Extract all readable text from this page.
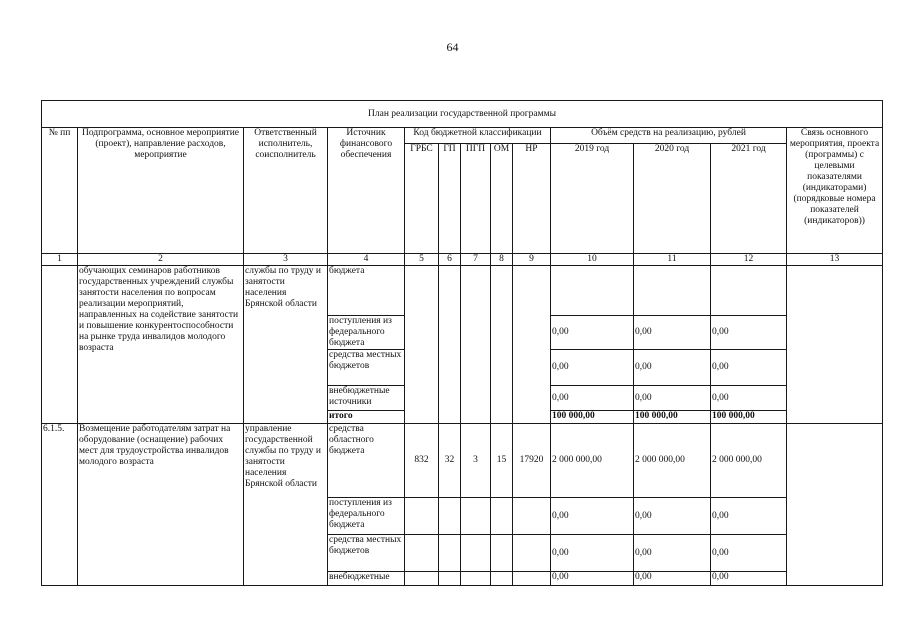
64
План реализации государственной программы												
№ пп	Подпрограмма, основное мероприятие (проект), направление расходов, мероприятие	Ответственный исполнитель, соисполнитель	Источник финансового обеспечения	Код бюджетной классификации					Объём средств на реализацию, рублей			Связь основного мероприятия, проекта (программы) с целевыми показателями (индикаторами) (порядковые номера показателей (индикаторов))
				ГРБС	ГП	ПГП	ОМ	НР	2019 год	2020 год	2021 год	
1	2	3	4	5	6	7	8	9	10	11	12	13
	обучающих семинаров работников государственных учреждений службы занятости населения по вопросам реализации мероприятий, направленных на содействие занятости и повышение конкурентоспособности на рынке труда инвалидов молодого возраста	службы по труду и занятости населения Брянской области	бюджета									
			поступления из федерального бюджета						0,00	0,00	0,00	
			средства местных бюджетов						0,00	0,00	0,00	
			внебюджетные источники						0,00	0,00	0,00	
			итого						100 000,00	100 000,00	100 000,00	
6.1.5.	Возмещение работодателям затрат на оборудование (оснащение) рабочих мест для трудоустройства инвалидов молодого возраста	управление государственной службы по труду и занятости населения Брянской области	средства областного бюджета	832	32	3	15	17920	2 000 000,00	2 000 000,00	2 000 000,00	
			поступления из федерального бюджета						0,00	0,00	0,00	
			средства местных бюджетов						0,00	0,00	0,00	
			внебюджетные						0,00	0,00	0,00	
